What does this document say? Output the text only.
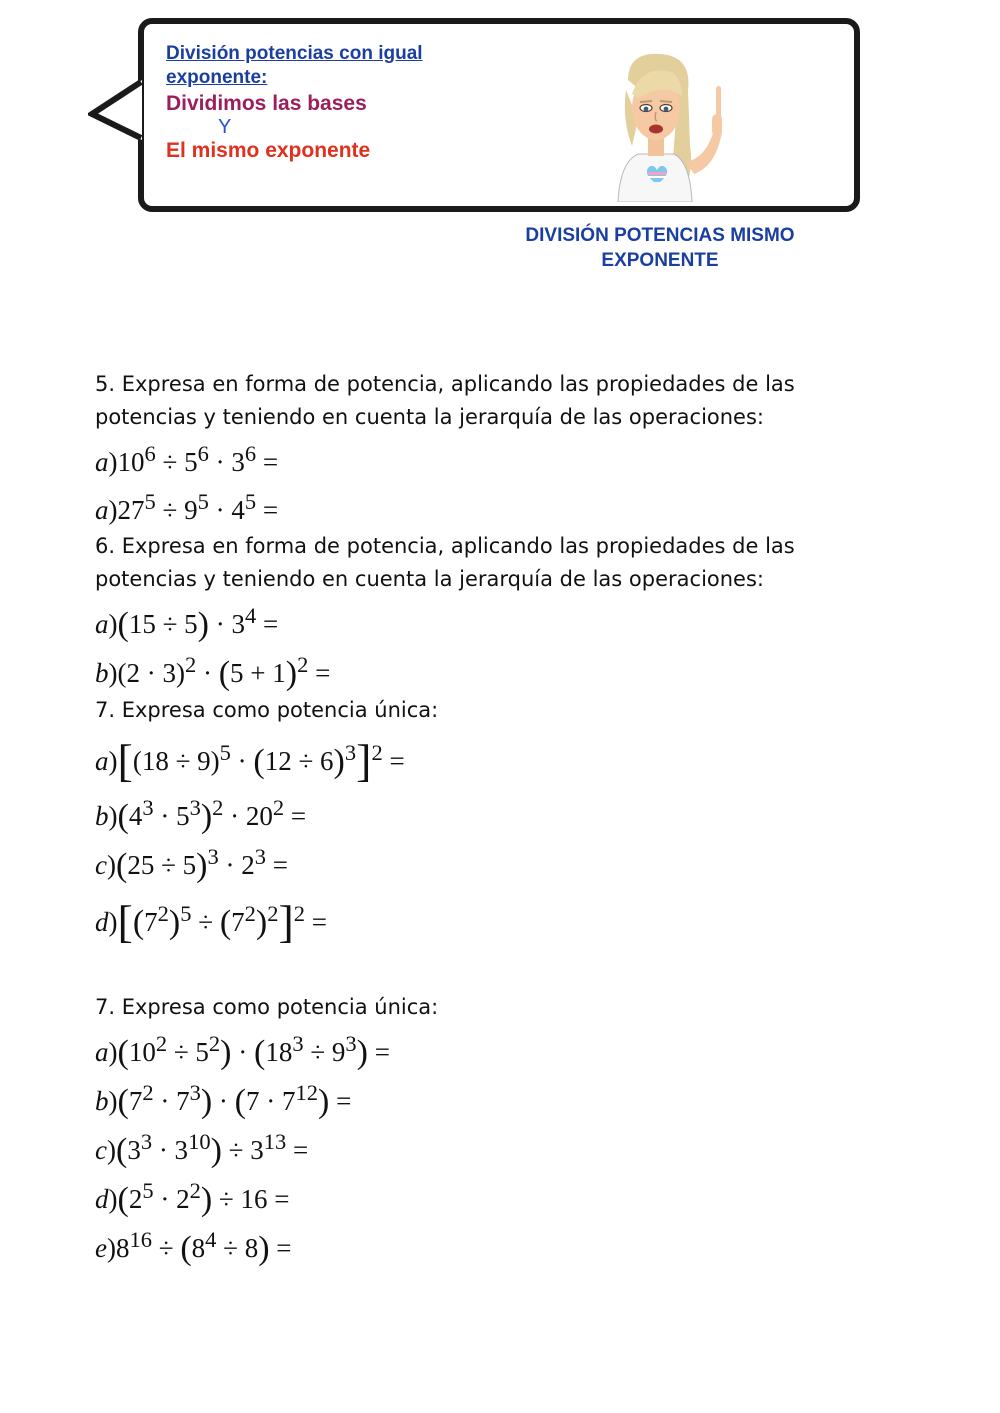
División potencias con igual exponente:
Dividimos las bases
Y
El mismo exponente
DIVISIÓN POTENCIAS MISMO EXPONENTE
5. Expresa en forma de potencia, aplicando las propiedades de las potencias y teniendo en cuenta la jerarquía de las operaciones:
$a)10^6 \div 5^6 \cdot 3^6$ =
$a)27^5 \div 9^5 \cdot 4^5$ =
6. Expresa en forma de potencia, aplicando las propiedades de las potencias y teniendo en cuenta la jerarquía de las operaciones:
$a)(15 \div 5) \cdot 3^4$ =
$b)(2 \cdot 3)^2 \cdot (5 + 1)^2$ =
7. Expresa como potencia única:
$a)[(18 \div 9)^5 \cdot (12 \div 6)^3]^2$ =
$b)(4^3 \cdot 5^3)^2 \cdot 20^2$ =
$c)(25 \div 5)^3 \cdot 2^3$ =
$d)[(7^2)^5 \div (7^2)^2]^2$ =
7. Expresa como potencia única:
$a)(10^2 \div 5^2) \cdot (18^3 \div 9^3)$ =
$b)(7^2 \cdot 7^3) \cdot (7 \cdot 7^{12})$ =
$c)(3^3 \cdot 3^{10}) \div 3^{13}$ =
$d)(2^5 \cdot 2^2) \div 16$ =
$e)8^{16} \div (8^4 \div 8)$ =
